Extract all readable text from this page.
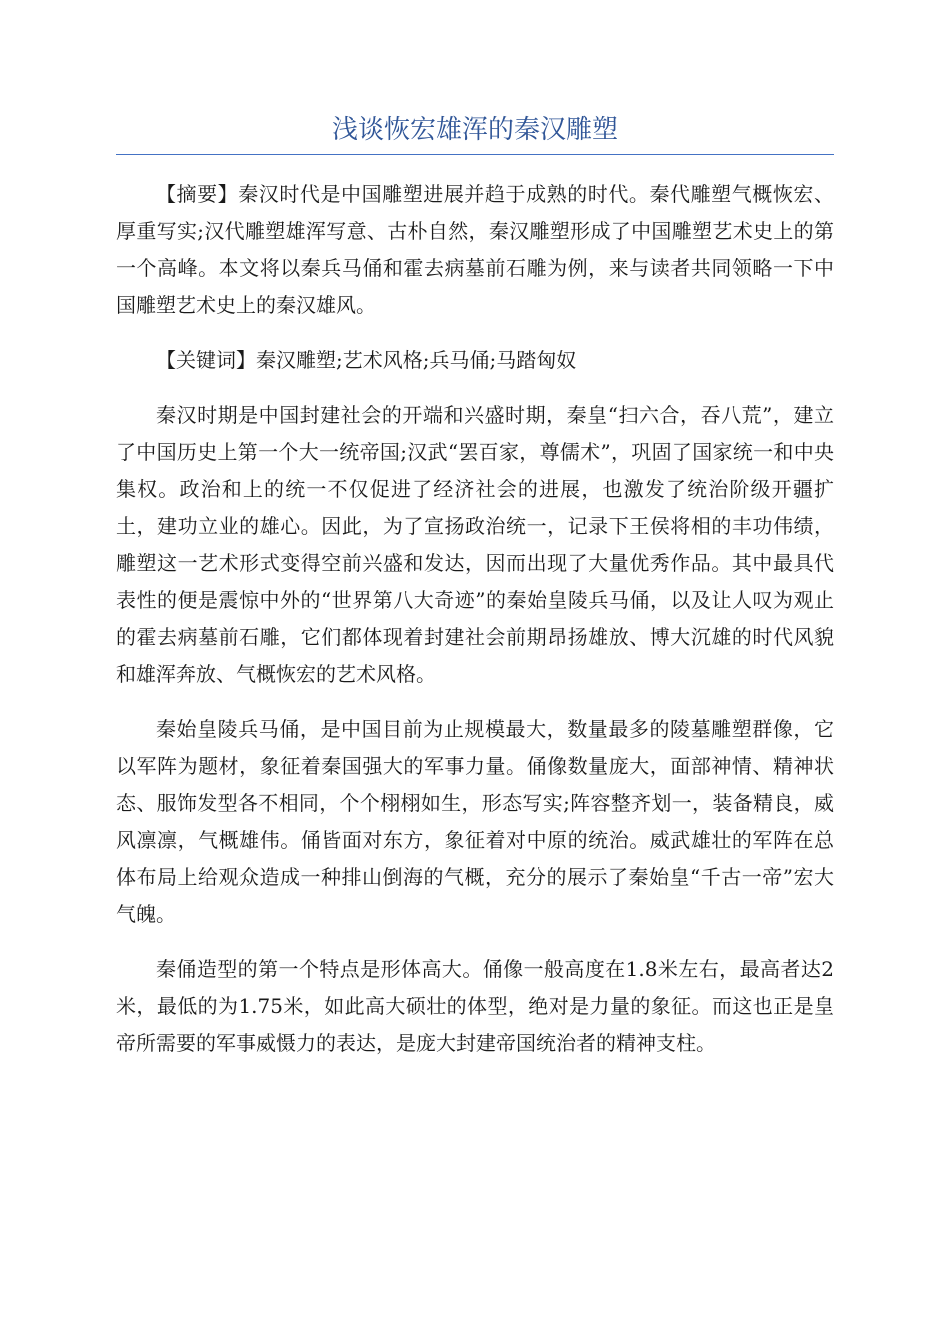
浅谈恢宏雄浑的秦汉雕塑

【摘要】秦汉时代是中国雕塑进展并趋于成熟的时代。秦代雕塑气概恢宏、厚重写实;汉代雕塑雄浑写意、古朴自然，秦汉雕塑形成了中国雕塑艺术史上的第一个高峰。本文将以秦兵马俑和霍去病墓前石雕为例，来与读者共同领略一下中国雕塑艺术史上的秦汉雄风。

【关键词】秦汉雕塑;艺术风格;兵马俑;马踏匈奴

秦汉时期是中国封建社会的开端和兴盛时期，秦皇“扫六合，吞八荒”，建立了中国历史上第一个大一统帝国;汉武“罢百家，尊儒术”，巩固了国家统一和中央集权。政治和上的统一不仅促进了经济社会的进展，也激发了统治阶级开疆扩土，建功立业的雄心。因此，为了宣扬政治统一，记录下王侯将相的丰功伟绩，雕塑这一艺术形式变得空前兴盛和发达，因而出现了大量优秀作品。其中最具代表性的便是震惊中外的“世界第八大奇迹”的秦始皇陵兵马俑，以及让人叹为观止的霍去病墓前石雕，它们都体现着封建社会前期昂扬雄放、博大沉雄的时代风貌和雄浑奔放、气概恢宏的艺术风格。

秦始皇陵兵马俑，是中国目前为止规模最大，数量最多的陵墓雕塑群像，它以军阵为题材，象征着秦国强大的军事力量。俑像数量庞大，面部神情、精神状态、服饰发型各不相同，个个栩栩如生，形态写实;阵容整齐划一，装备精良，威风凛凛，气概雄伟。俑皆面对东方，象征着对中原的统治。威武雄壮的军阵在总体布局上给观众造成一种排山倒海的气概，充分的展示了秦始皇“千古一帝”宏大气魄。

秦俑造型的第一个特点是形体高大。俑像一般高度在1.8米左右，最高者达2米，最低的为1.75米，如此高大硕壮的体型，绝对是力量的象征。而这也正是皇帝所需要的军事威慑力的表达，是庞大封建帝国统治者的精神支柱。
